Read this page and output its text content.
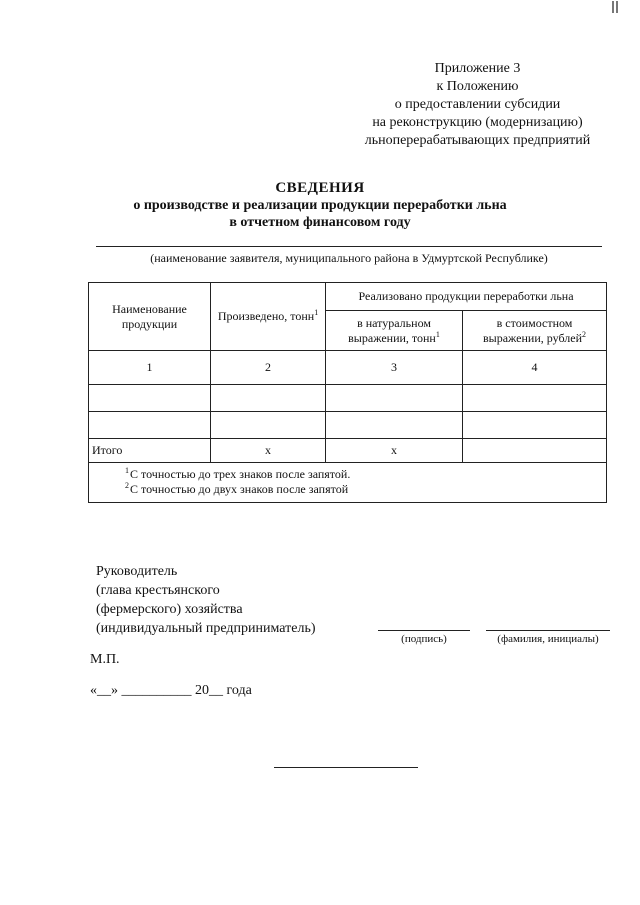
Приложение 3
к Положению
о предоставлении субсидии
на реконструкцию (модернизацию)
льноперерабатывающих предприятий
СВЕДЕНИЯ
о производстве и реализации продукции переработки льна
в отчетном финансовом году
(наименование заявителя, муниципального района в Удмуртской Республике)
Наименование продукции	Произведено, тонн$^1$	Реализовано продукции переработки льна	
		в натуральном выражении, тонн$^1$	в стоимостном выражении, рублей$^2$
1	2	3	4

Итого	х	х	

$^1$ С точностью до трех знаков после запятой.
$^2$ С точностью до двух знаков после запятой			
Руководитель
(глава крестьянского
(фермерского) хозяйства
(индивидуальный предприниматель)
(подпись)	(фамилия, инициалы)
М.П.
«__» __________ 20__ года
